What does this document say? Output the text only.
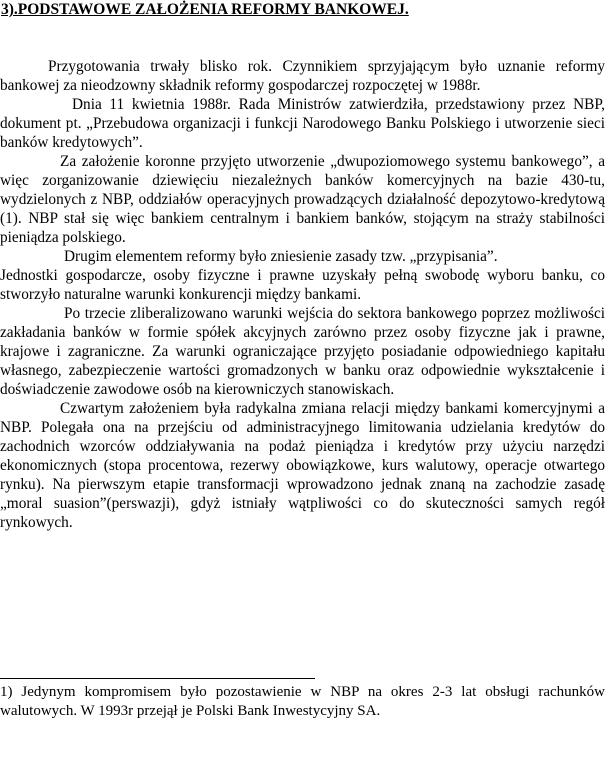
3).PODSTAWOWE ZAŁOŻENIA REFORMY BANKOWEJ.

Przygotowania trwały blisko rok. Czynnikiem sprzyjającym było uznanie reformy bankowej za nieodzowny składnik reformy gospodarczej rozpoczętej w 1988r.

Dnia 11 kwietnia 1988r. Rada Ministrów zatwierdziła, przedstawiony przez NBP, dokument pt. „Przebudowa organizacji i funkcji Narodowego Banku Polskiego i utworzenie sieci banków kredytowych”.

Za założenie koronne przyjęto utworzenie „dwupoziomowego systemu bankowego”, a więc zorganizowanie dziewięciu niezależnych banków komercyjnych na bazie 430-tu, wydzielonych z NBP, oddziałów operacyjnych prowadzących działalność depozytowo-kredytową (1). NBP stał się więc bankiem centralnym i bankiem banków, stojącym na straży stabilności pieniądza polskiego.

Drugim elementem reformy było zniesienie zasady tzw. „przypisania”.

Jednostki gospodarcze, osoby fizyczne i prawne uzyskały pełną swobodę wyboru banku, co stworzyło naturalne warunki konkurencji między bankami.

Po trzecie zliberalizowano warunki wejścia do sektora bankowego poprzez możliwości zakładania banków w formie spółek akcyjnych zarówno przez osoby fizyczne jak i prawne, krajowe i zagraniczne. Za warunki ograniczające przyjęto posiadanie odpowiedniego kapitału własnego, zabezpieczenie wartości gromadzonych w banku oraz odpowiednie wykształcenie i doświadczenie zawodowe osób na kierowniczych stanowiskach.

Czwartym założeniem była radykalna zmiana relacji między bankami komercyjnymi a NBP. Polegała ona na przejściu od administracyjnego limitowania udzielania kredytów do zachodnich wzorców oddziaływania na podaż pieniądza i kredytów przy użyciu narzędzi ekonomicznych (stopa procentowa, rezerwy obowiązkowe, kurs walutowy, operacje otwartego rynku). Na pierwszym etapie transformacji wprowadzono jednak znaną na zachodzie zasadę „moral suasion”(perswazji), gdyż istniały wątpliwości co do skuteczności samych regół rynkowych.

1) Jedynym kompromisem było pozostawienie w NBP na okres 2-3 lat obsługi rachunków walutowych. W 1993r przejął je Polski Bank Inwestycyjny SA.
